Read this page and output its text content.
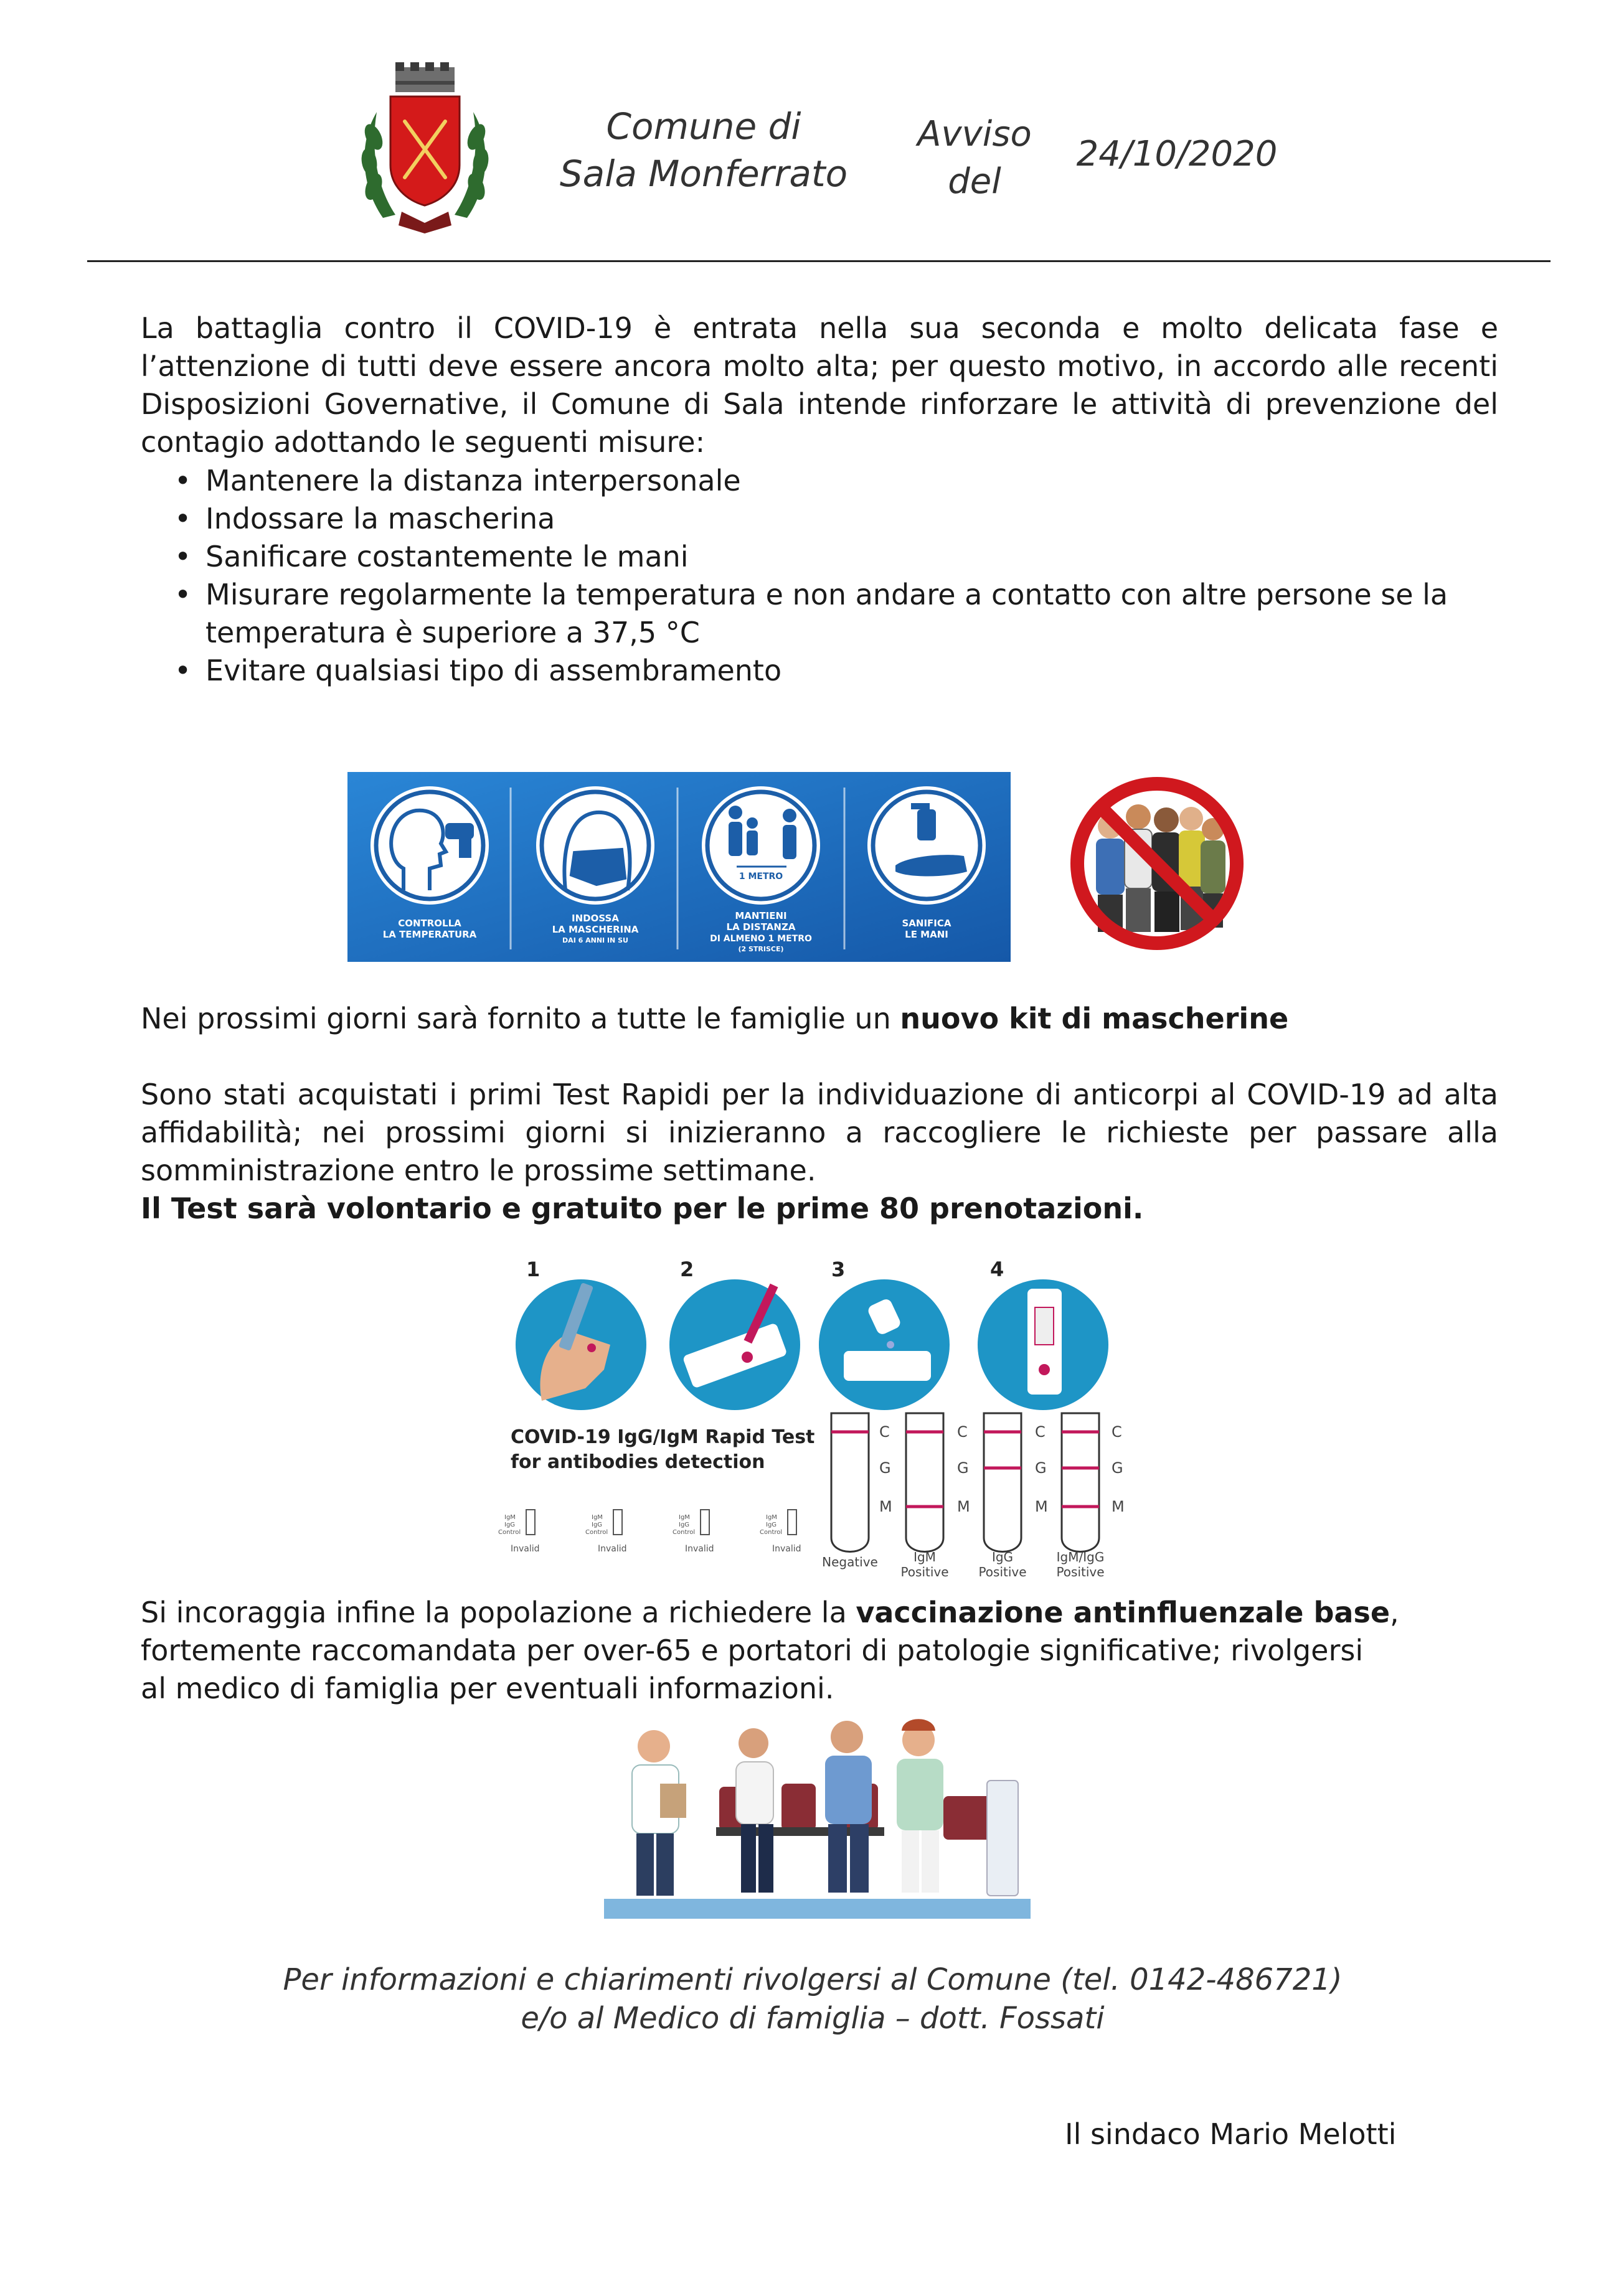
Comune di
Sala Monferrato
Avviso
del
24/10/2020
La battaglia contro il COVID-19 è entrata nella sua seconda e molto delicata fase e l’attenzione di tutti deve essere ancora molto alta; per questo motivo, in accordo alle recenti Disposizioni Governative, il Comune di Sala intende rinforzare le attività di prevenzione del contagio adottando le seguenti misure:
• Mantenere la distanza interpersonale
• Indossare la mascherina
• Sanificare costantemente le mani
• Misurare regolarmente la temperatura e non andare a contatto con altre persone se la temperatura è superiore a 37,5 °C
• Evitare qualsiasi tipo di assembramento
1 METRO
CONTROLLA
LA TEMPERATURA
INDOSSA
LA MASCHERINA
DAI 6 ANNI IN SU
MANTIENI
LA DISTANZA
DI ALMENO 1 METRO
(2 STRISCE)
SANIFICA
LE MANI
Nei prossimi giorni sarà fornito a tutte le famiglie un nuovo kit di mascherine
Sono stati acquistati i primi Test Rapidi per la individuazione di anticorpi al COVID-19 ad alta affidabilità; nei prossimi giorni si inizieranno a raccogliere le richieste per passare alla somministrazione entro le prossime settimane.
Il Test sarà volontario e gratuito per le prime 80 prenotazioni.
1	2	3	4
COVID-19 IgG/IgM Rapid Test
for antibodies detection
IgM
IgG
Control
Invalid
IgM
IgG
Control
Invalid
IgM
IgG
Control
Invalid
IgM
IgG
Control
Invalid
C
G
M
C
G
M
C
G
M
C
G
M
Negative	IgM
Positive
IgG
Positive
IgM/IgG
Positive
Si incoraggia infine la popolazione a richiedere la vaccinazione antinfluenzale base,
fortemente raccomandata per over-65 e portatori di patologie significative; rivolgersi
al medico di famiglia per eventuali informazioni.
Per informazioni e chiarimenti rivolgersi al Comune (tel. 0142-486721)
e/o al Medico di famiglia – dott. Fossati
Il sindaco Mario Melotti
